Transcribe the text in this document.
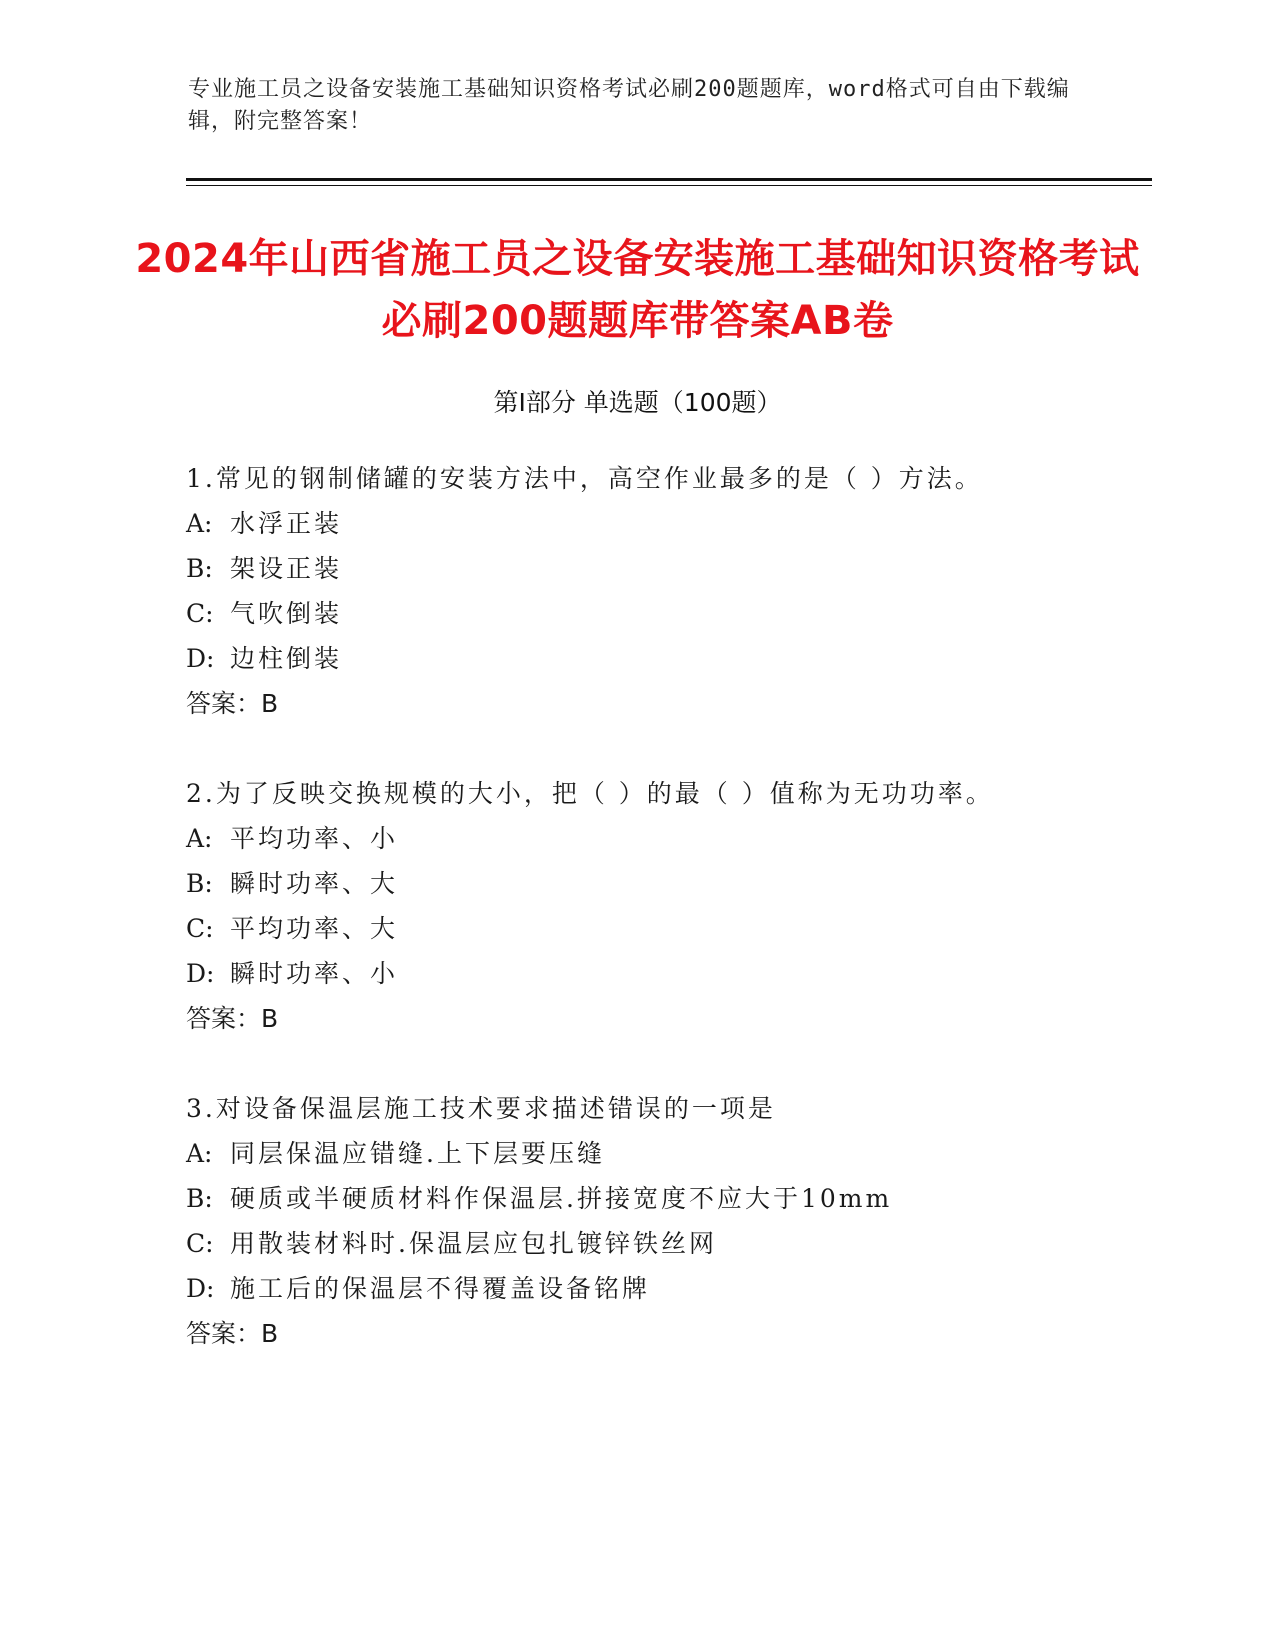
专业施工员之设备安装施工基础知识资格考试必刷200题题库，word格式可自由下载编辑，附完整答案！
2024年山西省施工员之设备安装施工基础知识资格考试必刷200题题库带答案AB卷
第I部分 单选题（100题）
1.常见的钢制储罐的安装方法中，高空作业最多的是（ ）方法。
A: 水浮正装
B: 架设正装
C: 气吹倒装
D: 边柱倒装
答案：B
2.为了反映交换规模的大小，把（ ）的最（ ）值称为无功功率。
A: 平均功率、小
B: 瞬时功率、大
C: 平均功率、大
D: 瞬时功率、小
答案：B
3.对设备保温层施工技术要求描述错误的一项是
A: 同层保温应错缝.上下层要压缝
B: 硬质或半硬质材料作保温层.拼接宽度不应大于10mm
C: 用散装材料时.保温层应包扎镀锌铁丝网
D: 施工后的保温层不得覆盖设备铭牌
答案：B
